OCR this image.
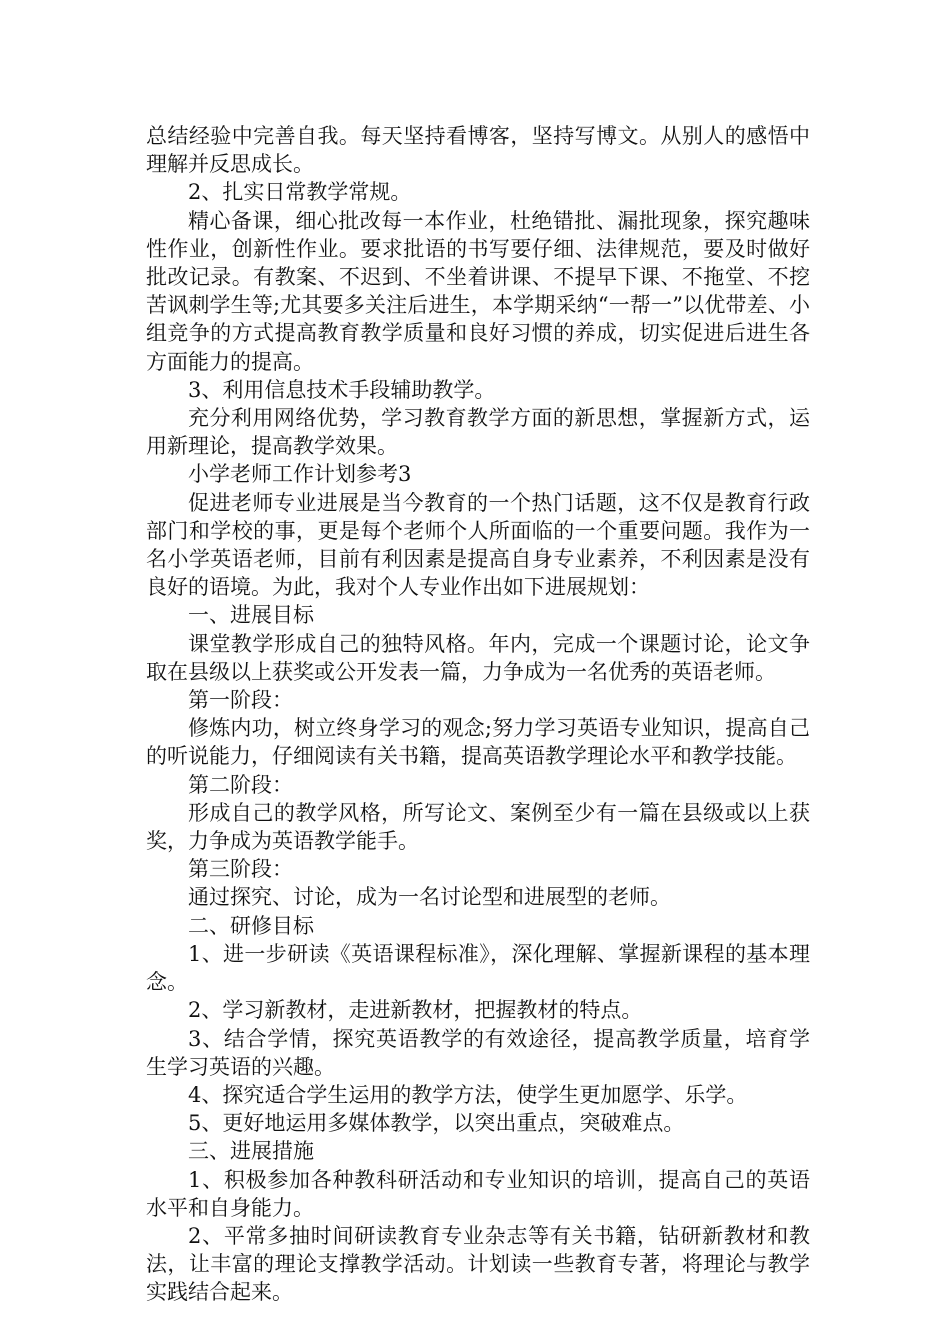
总结经验中完善自我。每天坚持看博客，坚持写博文。从别人的感悟中理解并反思成长。

2、扎实日常教学常规。

精心备课，细心批改每一本作业，杜绝错批、漏批现象，探究趣味性作业，创新性作业。要求批语的书写要仔细、法律规范，要及时做好批改记录。有教案、不迟到、不坐着讲课、不提早下课、不拖堂、不挖苦讽刺学生等;尤其要多关注后进生，本学期采纳“一帮一”以优带差、小组竞争的方式提高教育教学质量和良好习惯的养成，切实促进后进生各方面能力的提高。

3、利用信息技术手段辅助教学。

充分利用网络优势，学习教育教学方面的新思想，掌握新方式，运用新理论，提高教学效果。

小学老师工作计划参考3

促进老师专业进展是当今教育的一个热门话题，这不仅是教育行政部门和学校的事，更是每个老师个人所面临的一个重要问题。我作为一名小学英语老师，目前有利因素是提高自身专业素养，不利因素是没有良好的语境。为此，我对个人专业作出如下进展规划：

一、进展目标

课堂教学形成自己的独特风格。年内，完成一个课题讨论，论文争取在县级以上获奖或公开发表一篇，力争成为一名优秀的英语老师。

第一阶段：

修炼内功，树立终身学习的观念;努力学习英语专业知识，提高自己的听说能力，仔细阅读有关书籍，提高英语教学理论水平和教学技能。

第二阶段：

形成自己的教学风格，所写论文、案例至少有一篇在县级或以上获奖，力争成为英语教学能手。

第三阶段：

通过探究、讨论，成为一名讨论型和进展型的老师。

二、研修目标

1、进一步研读《英语课程标准》，深化理解、掌握新课程的基本理念。

2、学习新教材，走进新教材，把握教材的特点。

3、结合学情，探究英语教学的有效途径，提高教学质量，培育学生学习英语的兴趣。

4、探究适合学生运用的教学方法，使学生更加愿学、乐学。

5、更好地运用多媒体教学，以突出重点，突破难点。

三、进展措施

1、积极参加各种教科研活动和专业知识的培训，提高自己的英语水平和自身能力。

2、平常多抽时间研读教育专业杂志等有关书籍，钻研新教材和教法，让丰富的理论支撑教学活动。计划读一些教育专著，将理论与教学实践结合起来。
